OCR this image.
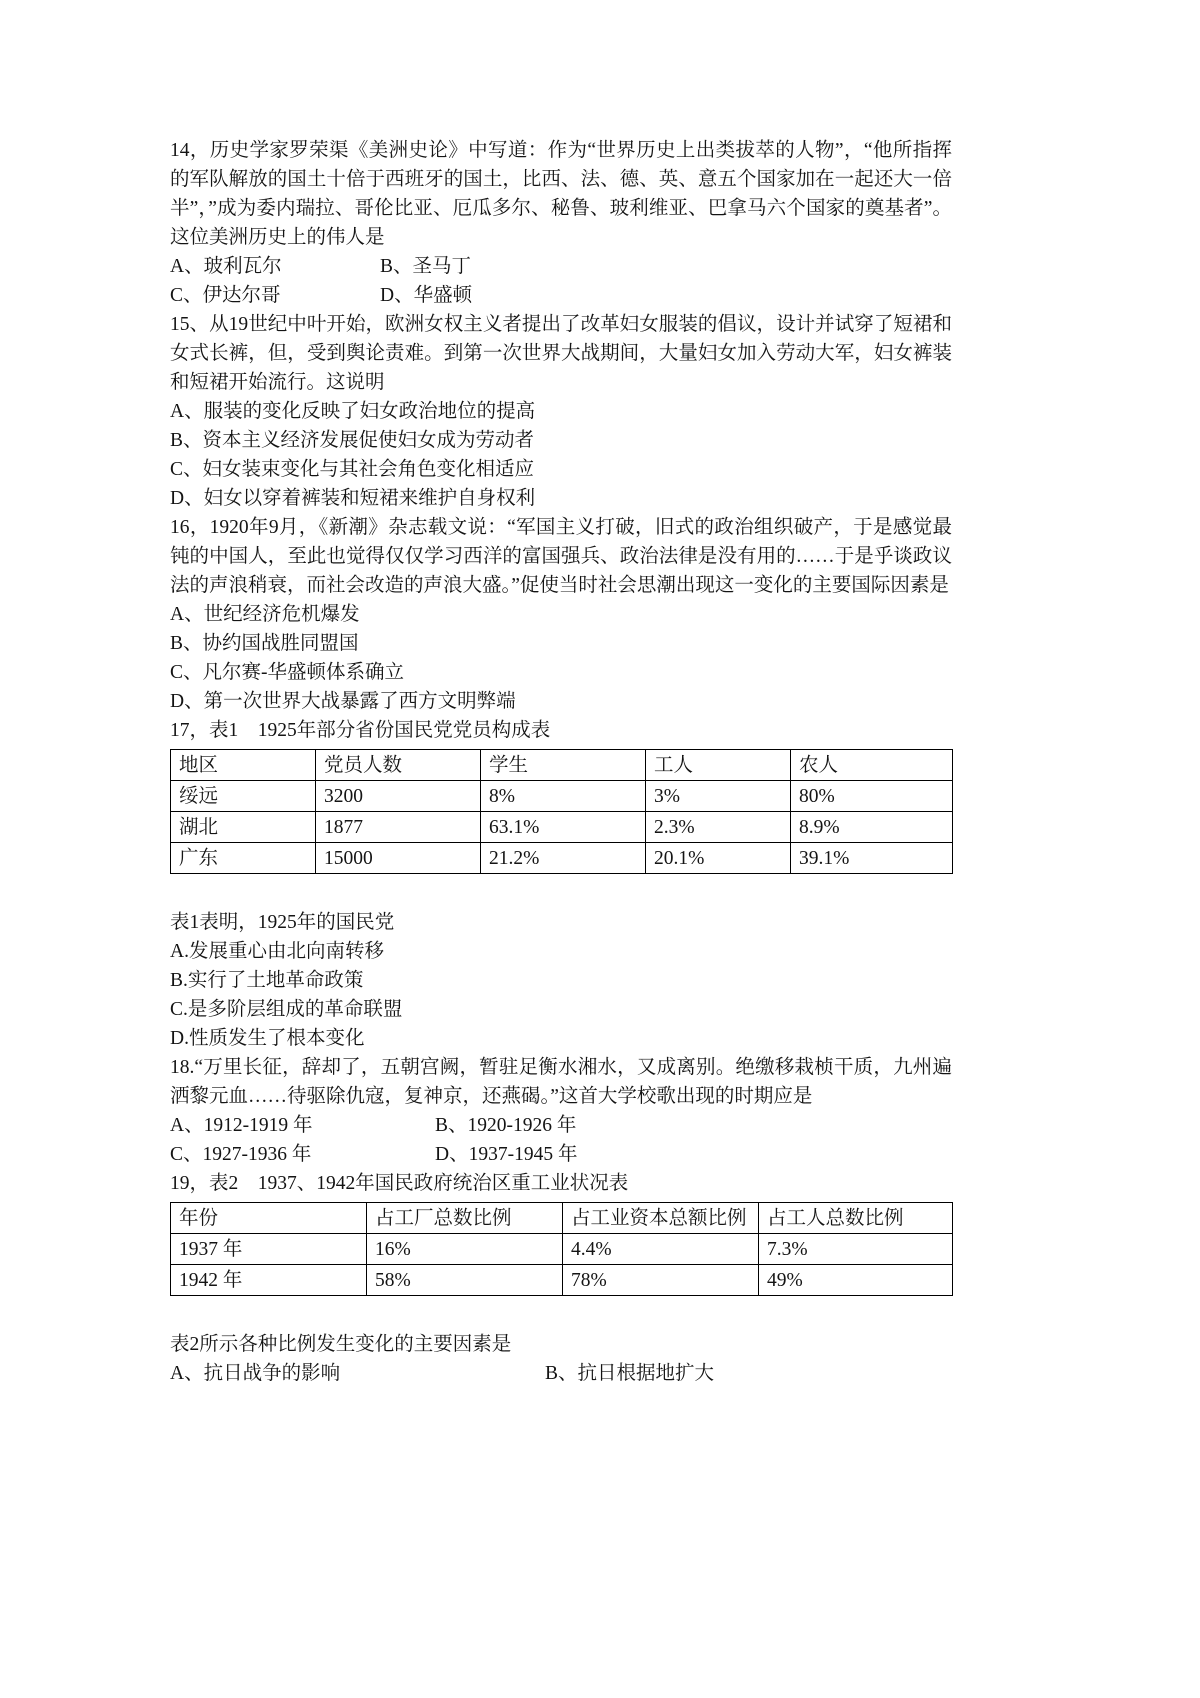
14，历史学家罗荣渠《美洲史论》中写道：作为“世界历史上出类拔萃的人物”，“他所指挥的军队解放的国土十倍于西班牙的国土，比西、法、德、英、意五个国家加在一起还大一倍半”，”成为委内瑞拉、哥伦比亚、厄瓜多尔、秘鲁、玻利维亚、巴拿马六个国家的奠基者”。这位美洲历史上的伟人是

A、玻利瓦尔	B、圣马丁
C、伊达尔哥	D、华盛顿

15、从19世纪中叶开始，欧洲女权主义者提出了改革妇女服装的倡议，设计并试穿了短裙和女式长裤，但，受到舆论责难。到第一次世界大战期间，大量妇女加入劳动大军，妇女裤装和短裙开始流行。这说明

A、服装的变化反映了妇女政治地位的提高
B、资本主义经济发展促使妇女成为劳动者
C、妇女装束变化与其社会角色变化相适应
D、妇女以穿着裤装和短裙来维护自身权利

16，1920年9月，《新潮》杂志载文说：“军国主义打破，旧式的政治组织破产，于是感觉最钝的中国人，至此也觉得仅仅学习西洋的富国强兵、政治法律是没有用的……于是乎谈政议法的声浪稍衰，而社会改造的声浪大盛。”促使当时社会思潮出现这一变化的主要国际因素是

A、世纪经济危机爆发
B、协约国战胜同盟国
C、凡尔赛-华盛顿体系确立
D、第一次世界大战暴露了西方文明弊端
17，表1　1925年部分省份国民党党员构成表
地区	党员人数	学生	工人	农人
绥远	3200	8%	3%	80%
湖北	1877	63.1%	2.3%	8.9%
广东	15000	21.2%	20.1%	39.1%
表1表明，1925年的国民党
A.发展重心由北向南转移
B.实行了土地革命政策
C.是多阶层组成的革命联盟
D.性质发生了根本变化

18.“万里长征，辞却了，五朝宫阙，暂驻足衡水湘水，又成离别。绝缴移栽桢干质，九州遍洒黎元血……待驱除仇寇，复神京，还燕碣。”这首大学校歌出现的时期应是

A、1912-1919 年	B、1920-1926 年
C、1927-1936 年	D、1937-1945 年
19，表2　1937、1942年国民政府统治区重工业状况表
年份	占工厂总数比例	占工业资本总额比例	占工人总数比例
1937 年	16%	4.4%	7.3%
1942 年	58%	78%	49%
表2所示各种比例发生变化的主要因素是
A、抗日战争的影响	B、抗日根据地扩大
